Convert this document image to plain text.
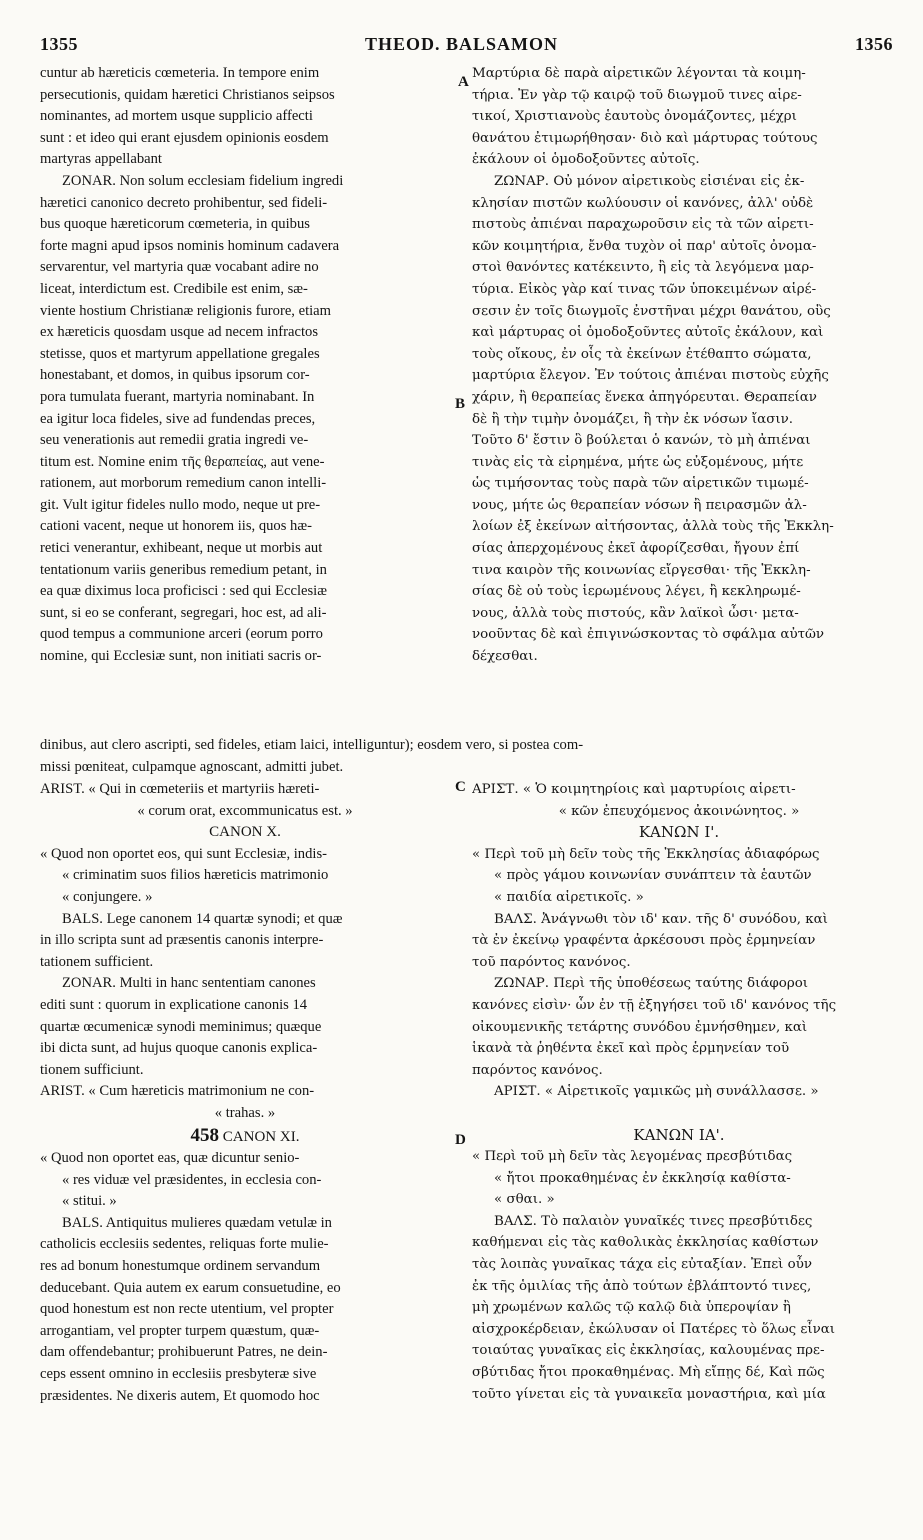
1355	THEOD. BALSAMON	1356
A
B
C
D
cuntur ab hæreticis cœmeteria. In tempore enim
persecutionis, quidam hæretici Christianos seipsos
nominantes, ad mortem usque supplicio affecti
sunt : et ideo qui erant ejusdem opinionis eosdem
martyras appellabant
ZONAR. Non solum ecclesiam fidelium ingredi
hæretici canonico decreto prohibentur, sed fideli-
bus quoque hæreticorum cœmeteria, in quibus
forte magni apud ipsos nominis hominum cadavera
servarentur, vel martyria quæ vocabant adire no
liceat, interdictum est. Credibile est enim, sæ-
viente hostium Christianæ religionis furore, etiam
ex hæreticis quosdam usque ad necem infractos
stetisse, quos et martyrum appellatione gregales
honestabant, et domos, in quibus ipsorum cor-
pora tumulata fuerant, martyria nominabant. In
ea igitur loca fideles, sive ad fundendas preces,
seu venerationis aut remedii gratia ingredi ve-
titum est. Nomine enim τῆς θεραπείας, aut vene-
rationem, aut morborum remedium canon intelli-
git. Vult igitur fideles nullo modo, neque ut pre-
cationi vacent, neque ut honorem iis, quos hæ-
retici venerantur, exhibeant, neque ut morbis aut
tentationum variis generibus remedium petant, in
ea quæ diximus loca proficisci : sed qui Ecclesiæ
sunt, si eo se conferant, segregari, hoc est, ad ali-
quod tempus a communione arceri (eorum porro
nomine, qui Ecclesiæ sunt, non initiati sacris or-
Μαρτύρια δὲ παρὰ αἱρετικῶν λέγονται τὰ κοιμη-
τήρια. Ἐν γὰρ τῷ καιρῷ τοῦ διωγμοῦ τινες αἱρε-
τικοί, Χριστιανοὺς ἑαυτοὺς ὀνομάζοντες, μέχρι
θανάτου ἐτιμωρήθησαν· διὸ καὶ μάρτυρας τούτους
ἐκάλουν οἱ ὁμοδοξοῦντες αὐτοῖς.
ΖΩΝΑΡ. Οὐ μόνον αἱρετικοὺς εἰσιέναι εἰς ἐκ-
κλησίαν πιστῶν κωλύουσιν οἱ κανόνες, ἀλλ' οὐδὲ
πιστοὺς ἀπιέναι παραχωροῦσιν εἰς τὰ τῶν αἱρετι-
κῶν κοιμητήρια, ἔνθα τυχὸν οἱ παρ' αὐτοῖς ὀνομα-
στοὶ θανόντες κατέκειντο, ἢ εἰς τὰ λεγόμενα μαρ-
τύρια. Εἰκὸς γὰρ καί τινας τῶν ὑποκειμένων αἱρέ-
σεσιν ἐν τοῖς διωγμοῖς ἐνστῆναι μέχρι θανάτου, οὓς
καὶ μάρτυρας οἱ ὁμοδοξοῦντες αὐτοῖς ἐκάλουν, καὶ
τοὺς οἴκους, ἐν οἷς τὰ ἐκείνων ἐτέθαπτο σώματα,
μαρτύρια ἔλεγον. Ἐν τούτοις ἀπιέναι πιστοὺς εὐχῆς
χάριν, ἢ θεραπείας ἕνεκα ἀπηγόρευται. Θεραπείαν
δὲ ἢ τὴν τιμὴν ὀνομάζει, ἢ τὴν ἐκ νόσων ἴασιν.
Τοῦτο δ' ἔστιν ὃ βούλεται ὁ κανών, τὸ μὴ ἀπιέναι
τινὰς εἰς τὰ εἰρημένα, μήτε ὡς εὐξομένους, μήτε
ὡς τιμήσοντας τοὺς παρὰ τῶν αἱρετικῶν τιμωμέ-
νους, μήτε ὡς θεραπείαν νόσων ἢ πειρασμῶν ἀλ-
λοίων ἐξ ἐκείνων αἰτήσοντας, ἀλλὰ τοὺς τῆς Ἐκκλη-
σίας ἀπερχομένους ἐκεῖ ἀφορίζεσθαι, ἤγουν ἐπί
τινα καιρὸν τῆς κοινωνίας εἴργεσθαι· τῆς Ἐκκλη-
σίας δὲ οὐ τοὺς ἱερωμένους λέγει, ἢ κεκληρωμέ-
νους, ἀλλὰ τοὺς πιστούς, κἂν λαϊκοὶ ὦσι· μετα-
νοοῦντας δὲ καὶ ἐπιγινώσκοντας τὸ σφάλμα αὐτῶν
δέχεσθαι.
dinibus, aut clero ascripti, sed fideles, etiam laici, intelliguntur); eosdem vero, si postea com-
missi pœniteat, culpamque agnoscant, admitti jubet.
ARIST. « Qui in cœmeteriis et martyriis hæreti-
« corum orat, excommunicatus est. »
CANON X.
« Quod non oportet eos, qui sunt Ecclesiæ, indis-
« criminatim suos filios hæreticis matrimonio
« conjungere. »
BALS. Lege canonem 14 quartæ synodi; et quæ
in illo scripta sunt ad præsentis canonis interpre-
tationem sufficient.
ZONAR. Multi in hanc sententiam canones
editi sunt : quorum in explicatione canonis 14
quartæ œcumenicæ synodi meminimus; quæque
ibi dicta sunt, ad hujus quoque canonis explica-
tionem sufficiunt.
ARIST. « Cum hæreticis matrimonium ne con-
« trahas. »
458 CANON XI.
« Quod non oportet eas, quæ dicuntur senio-
« res viduæ vel præsidentes, in ecclesia con-
« stitui. »
BALS. Antiquitus mulieres quædam vetulæ in
catholicis ecclesiis sedentes, reliquas forte mulie-
res ad bonum honestumque ordinem servandum
deducebant. Quia autem ex earum consuetudine, eo
quod honestum est non recte utentium, vel propter
arrogantiam, vel propter turpem quæstum, quæ-
dam offendebantur; prohibuerunt Patres, ne dein-
ceps essent omnino in ecclesiis presbyteræ sive
præsidentes. Ne dixeris autem, Et quomodo hoc
ΑΡΙΣΤ. « Ὁ κοιμητηρίοις καὶ μαρτυρίοις αἱρετι-
« κῶν ἐπευχόμενος ἀκοινώνητος. »
ΚΑΝΩΝ Ι'.
« Περὶ τοῦ μὴ δεῖν τοὺς τῆς Ἐκκλησίας ἀδιαφόρως
« πρὸς γάμου κοινωνίαν συνάπτειν τὰ ἑαυτῶν
« παιδία αἱρετικοῖς. »
ΒΑΛΣ. Ἀνάγνωθι τὸν ιδ' καν. τῆς δ' συνόδου, καὶ
τὰ ἐν ἐκείνῳ γραφέντα ἀρκέσουσι πρὸς ἑρμηνείαν
τοῦ παρόντος κανόνος.
ΖΩΝΑΡ. Περὶ τῆς ὑποθέσεως ταύτης διάφοροι
κανόνες εἰσὶν· ὧν ἐν τῇ ἐξηγήσει τοῦ ιδ' κανόνος τῆς
οἰκουμενικῆς τετάρτης συνόδου ἐμνήσθημεν, καὶ
ἱκανὰ τὰ ῥηθέντα ἐκεῖ καὶ πρὸς ἑρμηνείαν τοῦ
παρόντος κανόνος.
ΑΡΙΣΤ. « Αἱρετικοῖς γαμικῶς μὴ συνάλλασσε. »

ΚΑΝΩΝ ΙΑ'.
« Περὶ τοῦ μὴ δεῖν τὰς λεγομένας πρεσβύτιδας
« ἤτοι προκαθημένας ἐν ἐκκλησίᾳ καθίστα-
« σθαι. »
ΒΑΛΣ. Τὸ παλαιὸν γυναῖκές τινες πρεσβύτιδες
καθήμεναι εἰς τὰς καθολικὰς ἐκκλησίας καθίστων
τὰς λοιπὰς γυναῖκας τάχα εἰς εὐταξίαν. Ἐπεὶ οὖν
ἐκ τῆς ὁμιλίας τῆς ἀπὸ τούτων ἐβλάπτοντό τινες,
μὴ χρωμένων καλῶς τῷ καλῷ διὰ ὑπεροψίαν ἢ
αἰσχροκέρδειαν, ἐκώλυσαν οἱ Πατέρες τὸ ὅλως εἶναι
τοιαύτας γυναῖκας εἰς ἐκκλησίας, καλουμένας πρε-
σβύτιδας ἤτοι προκαθημένας. Μὴ εἴπῃς δέ, Καὶ πῶς
τοῦτο γίνεται εἰς τὰ γυναικεῖα μοναστήρια, καὶ μία
